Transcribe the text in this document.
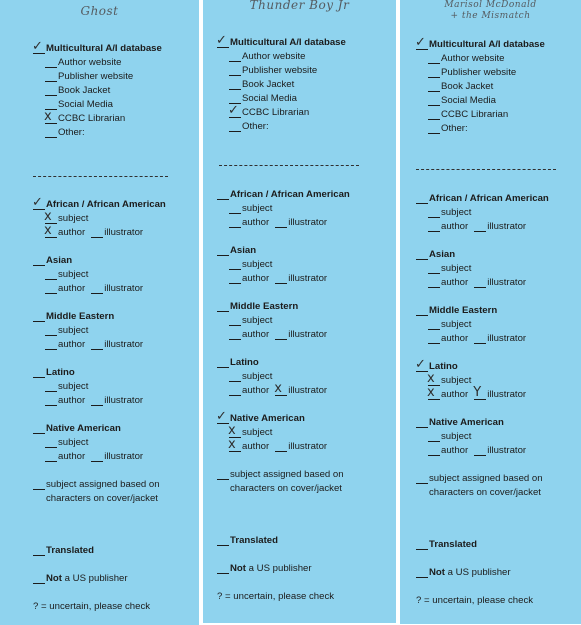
Ghost
✓ Multicultural A/I database
Author website
Publisher website
Book Jacket
Social Media
x CCBC Librarian
Other:
✓ African / African American
x subject
x author illustrator
Asian
subject
author illustrator
Middle Eastern
subject
author illustrator
Latino
subject
author illustrator
Native American
subject
author illustrator
subject assigned based on
characters on cover/jacket
Translated
Not a US publisher
? = uncertain, please check
Thunder Boy Jr
✓ Multicultural A/I database
Author website
Publisher website
Book Jacket
Social Media
✓ CCBC Librarian
Other:
African / African American
subject
author illustrator
Asian
subject
author illustrator
Middle Eastern
subject
author illustrator
Latino
subject
author x illustrator
✓ Native American
x subject
x author illustrator
subject assigned based on
characters on cover/jacket
Translated
Not a US publisher
? = uncertain, please check
Marisol McDonald
+ the Mismatch
✓ Multicultural A/I database
Author website
Publisher website
Book Jacket
Social Media
CCBC Librarian
Other:
African / African American
subject
author illustrator
Asian
subject
author illustrator
Middle Eastern
subject
author illustrator
✓ Latino
x subject
x author Y illustrator
Native American
subject
author illustrator
subject assigned based on
characters on cover/jacket
Translated
Not a US publisher
? = uncertain, please check
